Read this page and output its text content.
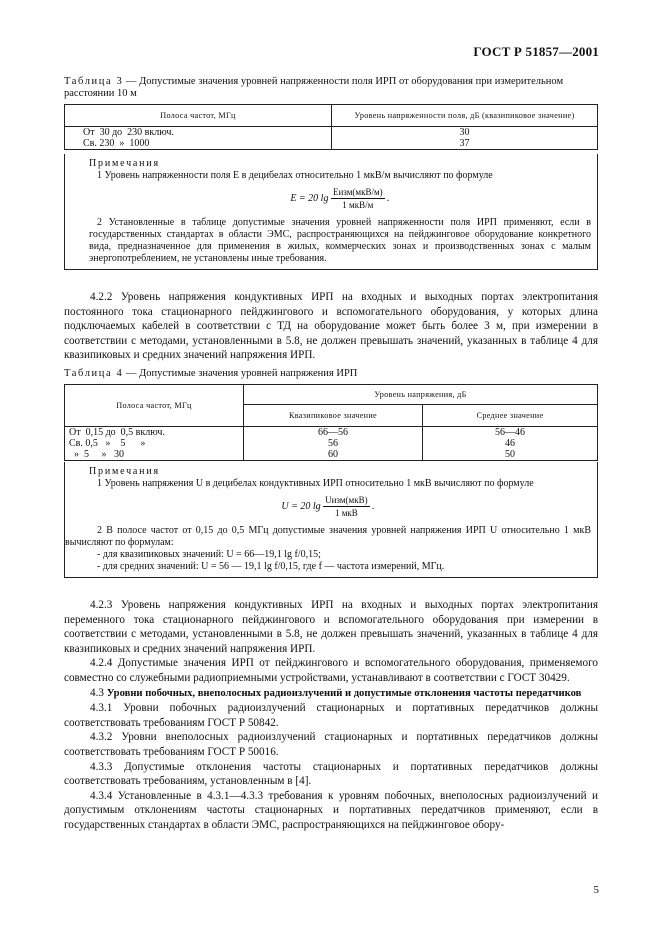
ГОСТ Р 51857—2001
Таблица 3 — Допустимые значения уровней напряженности поля ИРП от оборудования при измерительном расстоянии 10 м
Полоса частот, МГц	Уровень напряженности поля, дБ (квазипиковое значение)
От  30 до  230 включ.	30
Св. 230  »  1000	37
Примечания
1 Уровень напряженности поля E в децибелах относительно 1 мкВ/м вычисляют по формуле
E = 20 $\lg \frac{\text{Eизм(мкВ/м)}}{\text{1 мкВ/м}}$ .
2 Установленные в таблице допустимые значения уровней напряженности поля ИРП применяют, если в государственных стандартах в области ЭМС, распространяющихся на пейджинговое оборудование конкретного вида, предназначенное для применения в жилых, коммерческих зонах и производственных зонах с малым энергопотреблением, не установлены иные требования.

4.2.2 Уровень напряжения кондуктивных ИРП на входных и выходных портах электропитания постоянного тока стационарного пейджингового и вспомогательного оборудования, у которых длина подключаемых кабелей в соответствии с ТД на оборудование может быть более 3 м, при измерении в соответствии с методами, установленными в 5.8, не должен превышать значений, указанных в таблице 4 для квазипиковых и средних значений напряжения ИРП.

Таблица 4 — Допустимые значения уровней напряжения ИРП
Полоса частот, МГц	Уровень напряжения, дБ	
	Квазипиковое значение	Среднее значение
От  0,15 до  0,5 включ.	66—56	56—46
Св. 0,5   »    5      »	56	46
»  5     »   30	60	50
Примечания
1 Уровень напряжения U в децибелах кондуктивных ИРП относительно 1 мкВ вычисляют по формуле
U = 20 $\lg \frac{\text{Uизм(мкВ)}}{\text{1 мкВ}}$ .
2 В полосе частот от 0,15 до 0,5 МГц допустимые значения уровней напряжения ИРП U относительно 1 мкВ вычисляют по формулам:
- для квазипиковых значений: U = 66—19,1 lg f/0,15;
- для средних значений: U = 56 — 19,1 lg f/0,15, где f — частота измерений, МГц.

4.2.3 Уровень напряжения кондуктивных ИРП на входных и выходных портах электропитания переменного тока стационарного пейджингового и вспомогательного оборудования при измерении в соответствии с методами, установленными в 5.8, не должен превышать значений, указанных в таблице 4 для квазипиковых и средних значений напряжения ИРП.

4.2.4 Допустимые значения ИРП от пейджингового и вспомогательного оборудования, применяемого совместно со служебными радиоприемными устройствами, устанавливают в соответствии с ГОСТ 30429.

4.3 Уровни побочных, внеполосных радиоизлучений и допустимые отклонения частоты передатчиков

4.3.1 Уровни побочных радиоизлучений стационарных и портативных передатчиков должны соответствовать требованиям ГОСТ Р 50842.

4.3.2 Уровни внеполосных радиоизлучений стационарных и портативных передатчиков должны соответствовать требованиям ГОСТ Р 50016.

4.3.3 Допустимые отклонения частоты стационарных и портативных передатчиков должны соответствовать требованиям, установленным в [4].

4.3.4 Установленные в 4.3.1—4.3.3 требования к уровням побочных, внеполосных радиоизлучений и допустимым отклонениям частоты стационарных и портативных передатчиков применяют, если в государственных стандартах в области ЭМС, распространяющихся на пейджинговое обору-

5
